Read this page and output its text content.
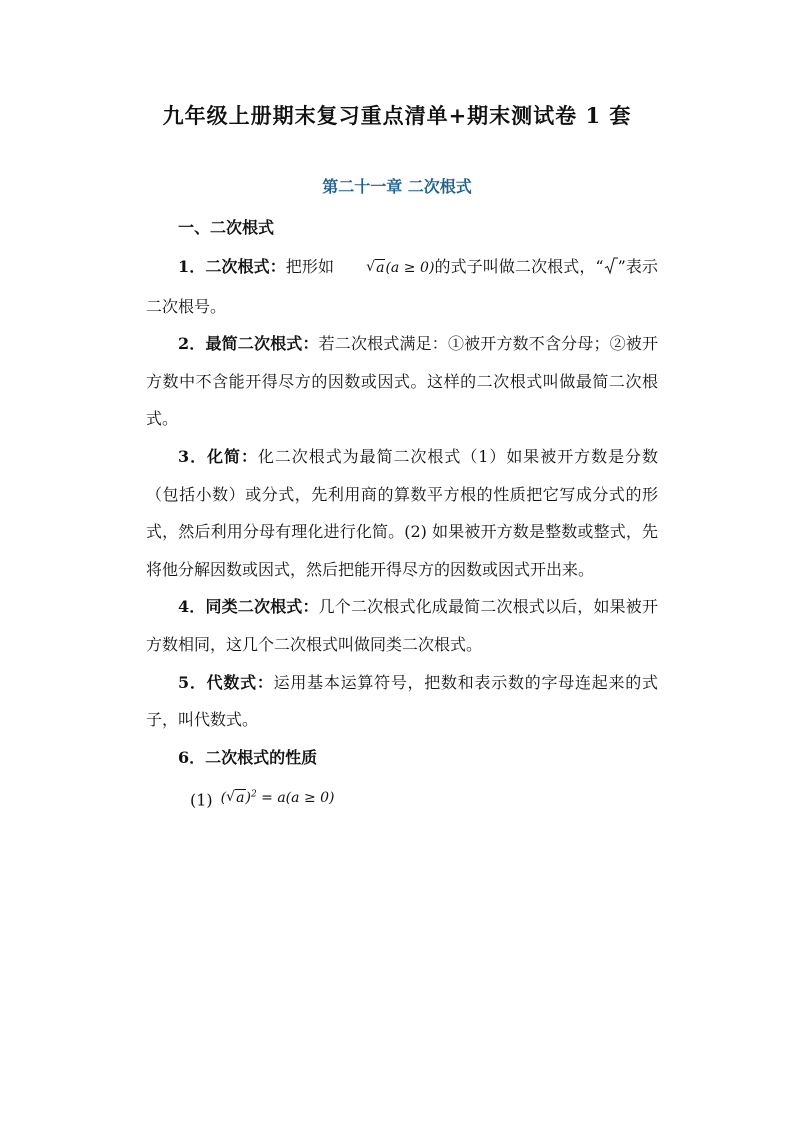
九年级上册期末复习重点清单+期末测试卷 1 套
第二十一章 二次根式
一、二次根式

1．二次根式：把形如	√ a(a ≥ 0)的式子叫做二次根式，“ ”表示二次根号。

2．最简二次根式：若二次根式满足：①被开方数不含分母；②被开方数中不含能开得尽方的因数或因式。这样的二次根式叫做最简二次根式。

3．化简：化二次根式为最简二次根式（1）如果被开方数是分数（包括小数）或分式，先利用商的算数平方根的性质把它写成分式的形式，然后利用分母有理化进行化简。(2) 如果被开方数是整数或整式，先将他分解因数或因式，然后把能开得尽方的因数或因式开出来。

4．同类二次根式：几个二次根式化成最简二次根式以后，如果被开方数相同，这几个二次根式叫做同类二次根式。

5．代数式：运用基本运算符号，把数和表示数的字母连起来的式子，叫代数式。

6．二次根式的性质

(1) ( √ a)$^2$ = a(a ≥ 0)
